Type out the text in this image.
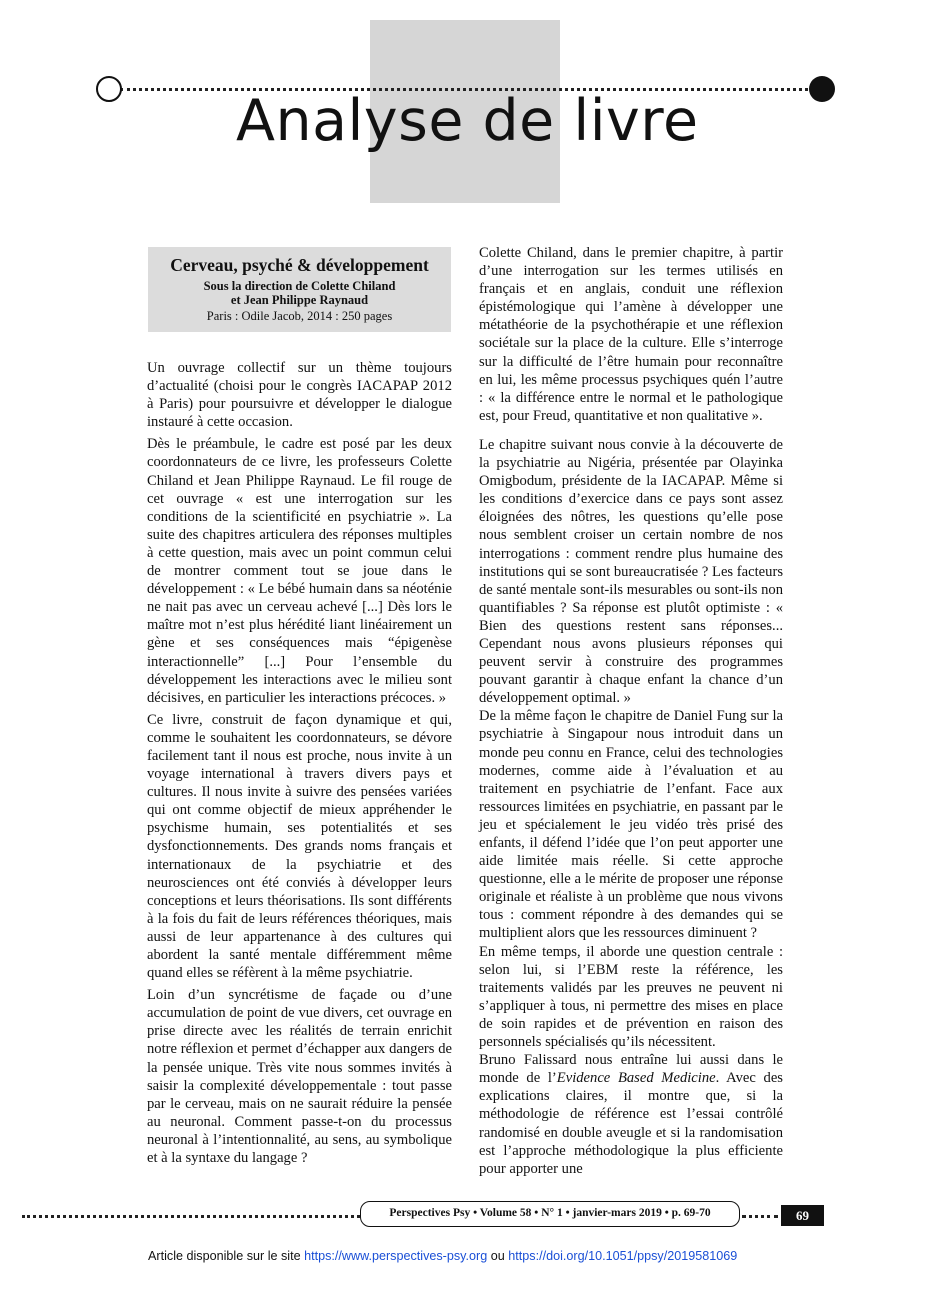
Analyse de livre
Cerveau, psyché & développement
Sous la direction de Colette Chiland
et Jean Philippe Raynaud
Paris : Odile Jacob, 2014 : 250 pages

Un ouvrage collectif sur un thème toujours d’actualité (choisi pour le congrès IACAPAP 2012 à Paris) pour poursuivre et développer le dialogue instauré à cette occasion.

Dès le préambule, le cadre est posé par les deux coordonnateurs de ce livre, les professeurs Colette Chiland et Jean Philippe Raynaud. Le fil rouge de cet ouvrage « est une interrogation sur les conditions de la scientificité en psychiatrie ». La suite des chapitres articulera des réponses multiples à cette question, mais avec un point commun celui de montrer comment tout se joue dans le développement : « Le bébé humain dans sa néoténie ne nait pas avec un cerveau achevé [...] Dès lors le maître mot n’est plus hérédité liant linéairement un gène et ses conséquences mais “épigenèse interactionnelle” [...] Pour l’ensemble du développement les interactions avec le milieu sont décisives, en particulier les interactions précoces. »

Ce livre, construit de façon dynamique et qui, comme le souhaitent les coordonnateurs, se dévore facilement tant il nous est proche, nous invite à un voyage international à travers divers pays et cultures. Il nous invite à suivre des pensées variées qui ont comme objectif de mieux appréhender le psychisme humain, ses potentialités et ses dysfonctionnements. Des grands noms français et internationaux de la psychiatrie et des neurosciences ont été conviés à développer leurs conceptions et leurs théorisations. Ils sont différents à la fois du fait de leurs références théoriques, mais aussi de leur appartenance à des cultures qui abordent la santé mentale différemment même quand elles se réfèrent à la même psychiatrie.

Loin d’un syncrétisme de façade ou d’une accumulation de point de vue divers, cet ouvrage en prise directe avec les réalités de terrain enrichit notre réflexion et permet d’échapper aux dangers de la pensée unique. Très vite nous sommes invités à saisir la complexité développementale : tout passe par le cerveau, mais on ne saurait réduire la pensée au neuronal. Comment passe-t-on du processus neuronal à l’intentionnalité, au sens, au symbolique et à la syntaxe du langage ?

Colette Chiland, dans le premier chapitre, à partir d’une interrogation sur les termes utilisés en français et en anglais, conduit une réflexion épistémologique qui l’amène à développer une métathéorie de la psychothérapie et une réflexion sociétale sur la place de la culture. Elle s’interroge sur la difficulté de l’être humain pour reconnaître en lui, les même processus psychiques quén l’autre : « la différence entre le normal et le pathologique est, pour Freud, quantitative et non qualitative ».

Le chapitre suivant nous convie à la découverte de la psychiatrie au Nigéria, présentée par Olayinka Omigbodum, présidente de la IACAPAP. Même si les conditions d’exercice dans ce pays sont assez éloignées des nôtres, les questions qu’elle pose nous semblent croiser un certain nombre de nos interrogations : comment rendre plus humaine des institutions qui se sont bureaucratisée ? Les facteurs de santé mentale sont-ils mesurables ou sont-ils non quantifiables ? Sa réponse est plutôt optimiste : « Bien des questions restent sans réponses... Cependant nous avons plusieurs réponses qui peuvent servir à construire des programmes pouvant garantir à chaque enfant la chance d’un développement optimal. »

De la même façon le chapitre de Daniel Fung sur la psychiatrie à Singapour nous introduit dans un monde peu connu en France, celui des technologies modernes, comme aide à l’évaluation et au traitement en psychiatrie de l’enfant. Face aux ressources limitées en psychiatrie, en passant par le jeu et spécialement le jeu vidéo très prisé des enfants, il défend l’idée que l’on peut apporter une aide limitée mais réelle. Si cette approche questionne, elle a le mérite de proposer une réponse originale et réaliste à un problème que nous vivons tous : comment répondre à des demandes qui se multiplient alors que les ressources diminuent ?

En même temps, il aborde une question centrale : selon lui, si l’EBM reste la référence, les traitements validés par les preuves ne peuvent ni s’appliquer à tous, ni permettre des mises en place de soin rapides et de prévention en raison des personnels spécialisés qu’ils nécessitent.

Bruno Falissard nous entraîne lui aussi dans le monde de l’Evidence Based Medicine. Avec des explications claires, il montre que, si la méthodologie de référence est l’essai contrôlé randomisé en double aveugle et si la randomisation est l’approche méthodologique la plus efficiente pour apporter une

Perspectives Psy • Volume 58 • N° 1 • janvier-mars 2019 • p. 69-70	69
Article disponible sur le site https://www.perspectives-psy.org ou https://doi.org/10.1051/ppsy/2019581069
